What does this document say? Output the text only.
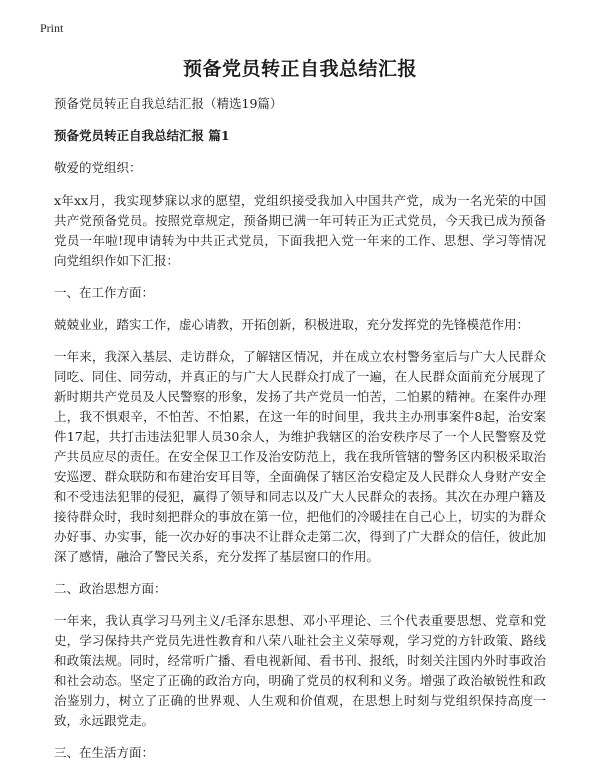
Print
预备党员转正自我总结汇报

预备党员转正自我总结汇报（精选19篇）

预备党员转正自我总结汇报 篇1

敬爱的党组织：

x年xx月，我实现梦寐以求的愿望，党组织接受我加入中国共产党，成为一名光荣的中国共产党预备党员。按照党章规定，预备期已满一年可转正为正式党员，今天我已成为预备党员一年啦!现申请转为中共正式党员，下面我把入党一年来的工作、思想、学习等情况向党组织作如下汇报：

一、在工作方面：

兢兢业业，踏实工作，虚心请教，开拓创新，积极进取，充分发挥党的先锋模范作用：

一年来，我深入基层、走访群众，了解辖区情况，并在成立农村警务室后与广大人民群众同吃、同住、同劳动，并真正的与广大人民群众打成了一遍，在人民群众面前充分展现了新时期共产党员及人民警察的形象，发扬了共产党员一怕苦，二怕累的精神。在案件办理上，我不惧艰辛，不怕苦、不怕累，在这一年的时间里，我共主办刑事案件8起，治安案件17起，共打击违法犯罪人员30余人，为维护我辖区的治安秩序尽了一个人民警察及党产共员应尽的责任。在安全保卫工作及治安防范上，我在我所管辖的警务区内积极采取治安巡逻、群众联防和布建治安耳目等，全面确保了辖区治安稳定及人民群众人身财产安全和不受违法犯罪的侵犯，赢得了领导和同志以及广大人民群众的表扬。其次在办理户籍及接待群众时，我时刻把群众的事放在第一位，把他们的冷暖挂在自己心上，切实的为群众办好事、办实事，能一次办好的事决不让群众走第二次，得到了广大群众的信任，彼此加深了感情，融洽了警民关系，充分发挥了基层窗口的作用。

二、政治思想方面：

一年来，我认真学习马列主义/毛泽东思想、邓小平理论、三个代表重要思想、党章和党史，学习保持共产党员先进性教育和八荣八耻社会主义荣辱观，学习党的方针政策、路线和政策法规。同时，经常听广播、看电视新闻、看书刊、报纸，时刻关注国内外时事政治和社会动态。坚定了正确的政治方向，明确了党员的权利和义务。增强了政治敏锐性和政治鉴别力，树立了正确的世界观、人生观和价值观，在思想上时刻与党组织保持高度一致，永远跟党走。

三、在生活方面：
